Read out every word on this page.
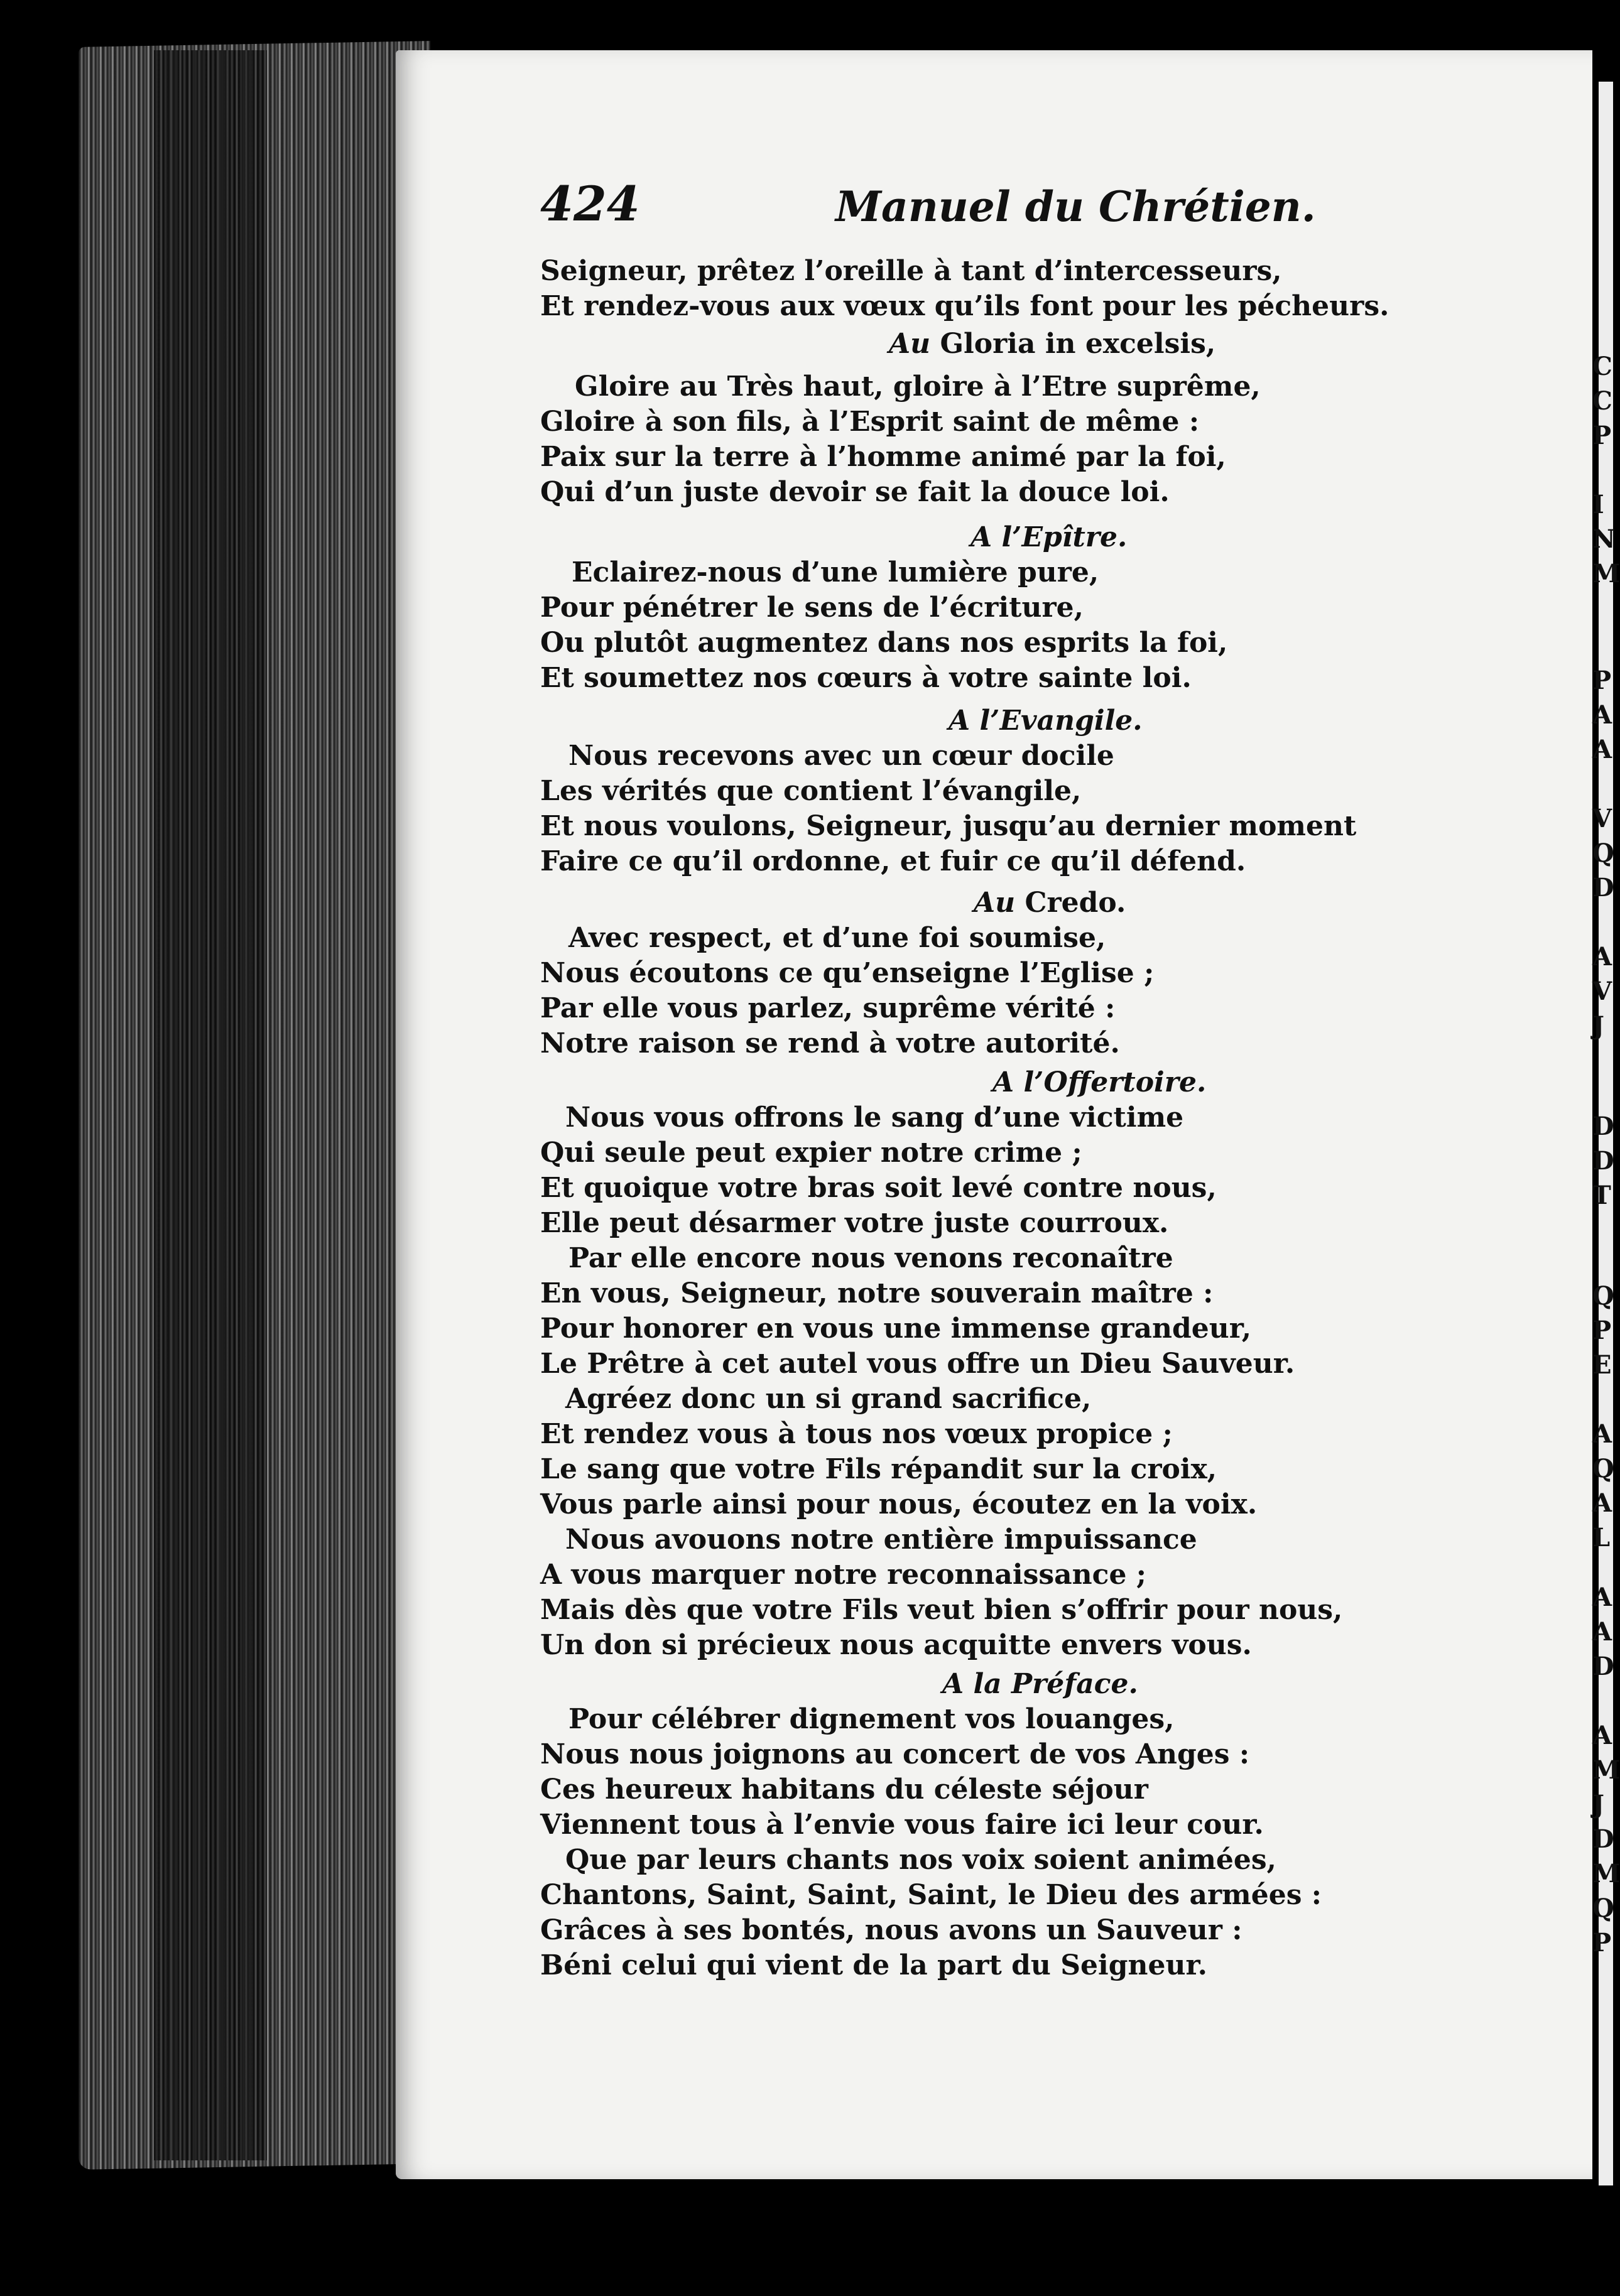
424	Manuel du Chrétien.
Seigneur, prêtez l’oreille à tant d’intercesseurs,
Et rendez-vous aux vœux qu’ils font pour les pécheurs.
Au Gloria in excelsis,
Gloire au Très haut, gloire à l’Etre suprême,
Gloire à son fils, à l’Esprit saint de même :
Paix sur la terre à l’homme animé par la foi,
Qui d’un juste devoir se fait la douce loi.
A l’Epître.
Eclairez-nous d’une lumière pure,
Pour pénétrer le sens de l’écriture,
Ou plutôt augmentez dans nos esprits la foi,
Et soumettez nos cœurs à votre sainte loi.
A l’Evangile.
Nous recevons avec un cœur docile
Les vérités que contient l’évangile,
Et nous voulons, Seigneur, jusqu’au dernier moment
Faire ce qu’il ordonne, et fuir ce qu’il défend.
Au Credo.
Avec respect, et d’une foi soumise,
Nous écoutons ce qu’enseigne l’Eglise ;
Par elle vous parlez, suprême vérité :
Notre raison se rend à votre autorité.
A l’Offertoire.
Nous vous offrons le sang d’une victime
Qui seule peut expier notre crime ;
Et quoique votre bras soit levé contre nous,
Elle peut désarmer votre juste courroux.
Par elle encore nous venons reconaître
En vous, Seigneur, notre souverain maître :
Pour honorer en vous une immense grandeur,
Le Prêtre à cet autel vous offre un Dieu Sauveur.
Agréez donc un si grand sacrifice,
Et rendez vous à tous nos vœux propice ;
Le sang que votre Fils répandit sur la croix,
Vous parle ainsi pour nous, écoutez en la voix.
Nous avouons notre entière impuissance
A vous marquer notre reconnaissance ;
Mais dès que votre Fils veut bien s’offrir pour nous,
Un don si précieux nous acquitte envers vous.
A la Préface.
Pour célébrer dignement vos louanges,
Nous nous joignons au concert de vos Anges :
Ces heureux habitans du céleste séjour
Viennent tous à l’envie vous faire ici leur cour.
Que par leurs chants nos voix soient animées,
Chantons, Saint, Saint, Saint, le Dieu des armées :
Grâces à ses bontés, nous avons un Sauveur :
Béni celui qui vient de la part du Seigneur.
C
C
P
I
N
M
P
A
A
V
Q
D
A
V
J
D
D
T
Q
P
E
A
Q
A
L
A
A
D
A
M
J
D
M
Q
P
